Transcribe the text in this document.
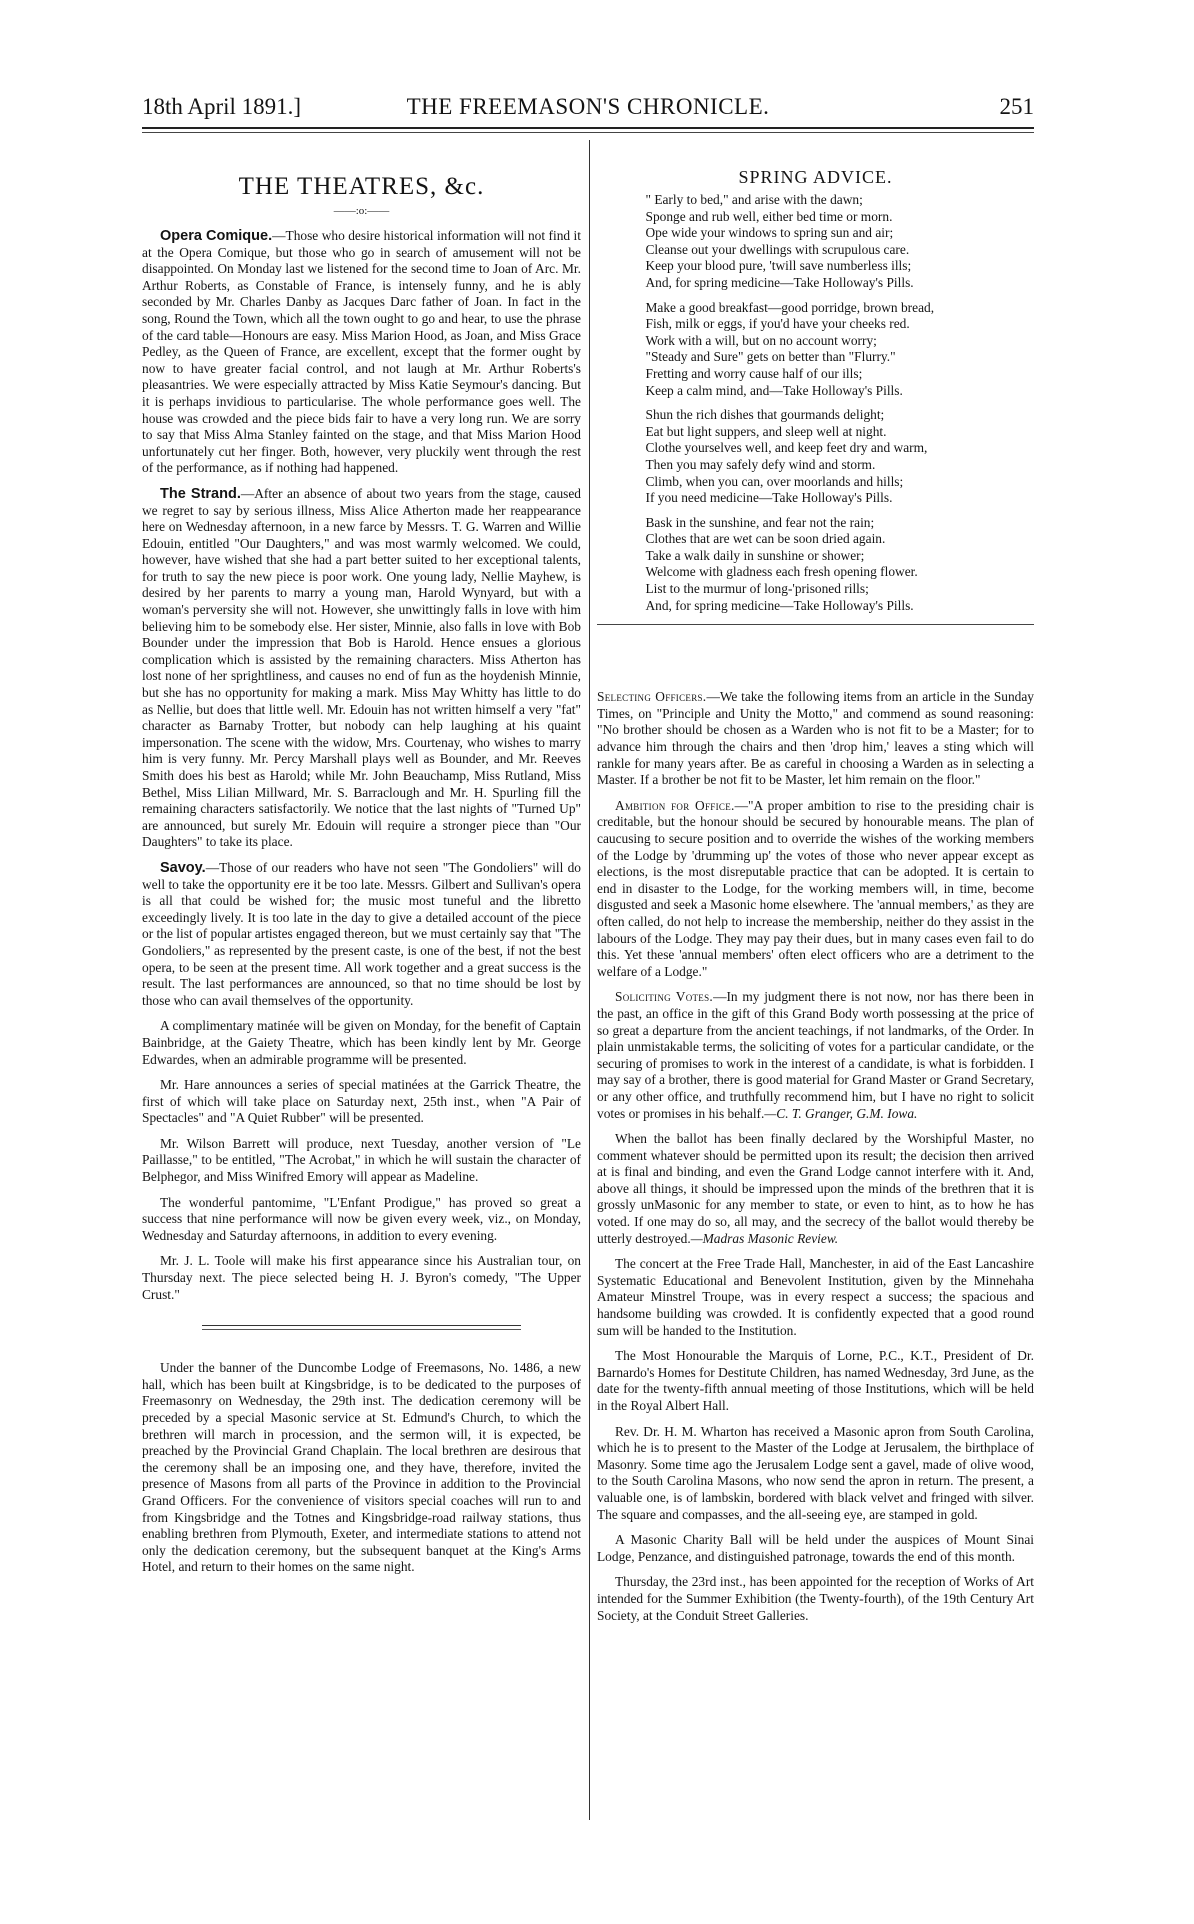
18th April 1891.]	THE FREEMASON'S CHRONICLE.	251
THE THEATRES, &c.
——:o:——

Opera Comique.—Those who desire historical information will not find it at the Opera Comique, but those who go in search of amusement will not be disappointed. On Monday last we listened for the second time to Joan of Arc. Mr. Arthur Roberts, as Constable of France, is intensely funny, and he is ably seconded by Mr. Charles Danby as Jacques Darc father of Joan. In fact in the song, Round the Town, which all the town ought to go and hear, to use the phrase of the card table—Honours are easy. Miss Marion Hood, as Joan, and Miss Grace Pedley, as the Queen of France, are excellent, except that the former ought by now to have greater facial control, and not laugh at Mr. Arthur Roberts's pleasantries. We were especially attracted by Miss Katie Seymour's dancing. But it is perhaps invidious to particularise. The whole performance goes well. The house was crowded and the piece bids fair to have a very long run. We are sorry to say that Miss Alma Stanley fainted on the stage, and that Miss Marion Hood unfortunately cut her finger. Both, however, very pluckily went through the rest of the performance, as if nothing had happened.

The Strand.—After an absence of about two years from the stage, caused we regret to say by serious illness, Miss Alice Atherton made her reappearance here on Wednesday afternoon, in a new farce by Messrs. T. G. Warren and Willie Edouin, entitled "Our Daughters," and was most warmly welcomed. We could, however, have wished that she had a part better suited to her exceptional talents, for truth to say the new piece is poor work. One young lady, Nellie Mayhew, is desired by her parents to marry a young man, Harold Wynyard, but with a woman's perversity she will not. However, she unwittingly falls in love with him believing him to be somebody else. Her sister, Minnie, also falls in love with Bob Bounder under the impression that Bob is Harold. Hence ensues a glorious complication which is assisted by the remaining characters. Miss Atherton has lost none of her sprightliness, and causes no end of fun as the hoydenish Minnie, but she has no opportunity for making a mark. Miss May Whitty has little to do as Nellie, but does that little well. Mr. Edouin has not written himself a very "fat" character as Barnaby Trotter, but nobody can help laughing at his quaint impersonation. The scene with the widow, Mrs. Courtenay, who wishes to marry him is very funny. Mr. Percy Marshall plays well as Bounder, and Mr. Reeves Smith does his best as Harold; while Mr. John Beauchamp, Miss Rutland, Miss Bethel, Miss Lilian Millward, Mr. S. Barraclough and Mr. H. Spurling fill the remaining characters satisfactorily. We notice that the last nights of "Turned Up" are announced, but surely Mr. Edouin will require a stronger piece than "Our Daughters" to take its place.

Savoy.—Those of our readers who have not seen "The Gondoliers" will do well to take the opportunity ere it be too late. Messrs. Gilbert and Sullivan's opera is all that could be wished for; the music most tuneful and the libretto exceedingly lively. It is too late in the day to give a detailed account of the piece or the list of popular artistes engaged thereon, but we must certainly say that "The Gondoliers," as represented by the present caste, is one of the best, if not the best opera, to be seen at the present time. All work together and a great success is the result. The last performances are announced, so that no time should be lost by those who can avail themselves of the opportunity.

A complimentary matinée will be given on Monday, for the benefit of Captain Bainbridge, at the Gaiety Theatre, which has been kindly lent by Mr. George Edwardes, when an admirable programme will be presented.

Mr. Hare announces a series of special matinées at the Garrick Theatre, the first of which will take place on Saturday next, 25th inst., when "A Pair of Spectacles" and "A Quiet Rubber" will be presented.

Mr. Wilson Barrett will produce, next Tuesday, another version of "Le Paillasse," to be entitled, "The Acrobat," in which he will sustain the character of Belphegor, and Miss Winifred Emory will appear as Madeline.

The wonderful pantomime, "L'Enfant Prodigue," has proved so great a success that nine performance will now be given every week, viz., on Monday, Wednesday and Saturday afternoons, in addition to every evening.

Mr. J. L. Toole will make his first appearance since his Australian tour, on Thursday next. The piece selected being H. J. Byron's comedy, "The Upper Crust."

Under the banner of the Duncombe Lodge of Freemasons, No. 1486, a new hall, which has been built at Kingsbridge, is to be dedicated to the purposes of Freemasonry on Wednesday, the 29th inst. The dedication ceremony will be preceded by a special Masonic service at St. Edmund's Church, to which the brethren will march in procession, and the sermon will, it is expected, be preached by the Provincial Grand Chaplain. The local brethren are desirous that the ceremony shall be an imposing one, and they have, therefore, invited the presence of Masons from all parts of the Province in addition to the Provincial Grand Officers. For the convenience of visitors special coaches will run to and from Kingsbridge and the Totnes and Kingsbridge-road railway stations, thus enabling brethren from Plymouth, Exeter, and intermediate stations to attend not only the dedication ceremony, but the subsequent banquet at the King's Arms Hotel, and return to their homes on the same night.

SPRING ADVICE.
" Early to bed," and arise with the dawn;
Sponge and rub well, either bed time or morn.
Ope wide your windows to spring sun and air;
Cleanse out your dwellings with scrupulous care.
Keep your blood pure, 'twill save numberless ills;
And, for spring medicine—Take Holloway's Pills.
Make a good breakfast—good porridge, brown bread,
Fish, milk or eggs, if you'd have your cheeks red.
Work with a will, but on no account worry;
"Steady and Sure" gets on better than "Flurry."
Fretting and worry cause half of our ills;
Keep a calm mind, and—Take Holloway's Pills.
Shun the rich dishes that gourmands delight;
Eat but light suppers, and sleep well at night.
Clothe yourselves well, and keep feet dry and warm,
Then you may safely defy wind and storm.
Climb, when you can, over moorlands and hills;
If you need medicine—Take Holloway's Pills.
Bask in the sunshine, and fear not the rain;
Clothes that are wet can be soon dried again.
Take a walk daily in sunshine or shower;
Welcome with gladness each fresh opening flower.
List to the murmur of long-'prisoned rills;
And, for spring medicine—Take Holloway's Pills.

Selecting Officers.—We take the following items from an article in the Sunday Times, on "Principle and Unity the Motto," and commend as sound reasoning: "No brother should be chosen as a Warden who is not fit to be a Master; for to advance him through the chairs and then 'drop him,' leaves a sting which will rankle for many years after. Be as careful in choosing a Warden as in selecting a Master. If a brother be not fit to be Master, let him remain on the floor."

Ambition for Office.—"A proper ambition to rise to the presiding chair is creditable, but the honour should be secured by honourable means. The plan of caucusing to secure position and to override the wishes of the working members of the Lodge by 'drumming up' the votes of those who never appear except as elections, is the most disreputable practice that can be adopted. It is certain to end in disaster to the Lodge, for the working members will, in time, become disgusted and seek a Masonic home elsewhere. The 'annual members,' as they are often called, do not help to increase the membership, neither do they assist in the labours of the Lodge. They may pay their dues, but in many cases even fail to do this. Yet these 'annual members' often elect officers who are a detriment to the welfare of a Lodge."

Soliciting Votes.—In my judgment there is not now, nor has there been in the past, an office in the gift of this Grand Body worth possessing at the price of so great a departure from the ancient teachings, if not landmarks, of the Order. In plain unmistakable terms, the soliciting of votes for a particular candidate, or the securing of promises to work in the interest of a candidate, is what is forbidden. I may say of a brother, there is good material for Grand Master or Grand Secretary, or any other office, and truthfully recommend him, but I have no right to solicit votes or promises in his behalf.—C. T. Granger, G.M. Iowa.

When the ballot has been finally declared by the Worshipful Master, no comment whatever should be permitted upon its result; the decision then arrived at is final and binding, and even the Grand Lodge cannot interfere with it. And, above all things, it should be impressed upon the minds of the brethren that it is grossly unMasonic for any member to state, or even to hint, as to how he has voted. If one may do so, all may, and the secrecy of the ballot would thereby be utterly destroyed.—Madras Masonic Review.

The concert at the Free Trade Hall, Manchester, in aid of the East Lancashire Systematic Educational and Benevolent Institution, given by the Minnehaha Amateur Minstrel Troupe, was in every respect a success; the spacious and handsome building was crowded. It is confidently expected that a good round sum will be handed to the Institution.

The Most Honourable the Marquis of Lorne, P.C., K.T., President of Dr. Barnardo's Homes for Destitute Children, has named Wednesday, 3rd June, as the date for the twenty-fifth annual meeting of those Institutions, which will be held in the Royal Albert Hall.

Rev. Dr. H. M. Wharton has received a Masonic apron from South Carolina, which he is to present to the Master of the Lodge at Jerusalem, the birthplace of Masonry. Some time ago the Jerusalem Lodge sent a gavel, made of olive wood, to the South Carolina Masons, who now send the apron in return. The present, a valuable one, is of lambskin, bordered with black velvet and fringed with silver. The square and compasses, and the all-seeing eye, are stamped in gold.

A Masonic Charity Ball will be held under the auspices of Mount Sinai Lodge, Penzance, and distinguished patronage, towards the end of this month.

Thursday, the 23rd inst., has been appointed for the reception of Works of Art intended for the Summer Exhibition (the Twenty-fourth), of the 19th Century Art Society, at the Conduit Street Galleries.
